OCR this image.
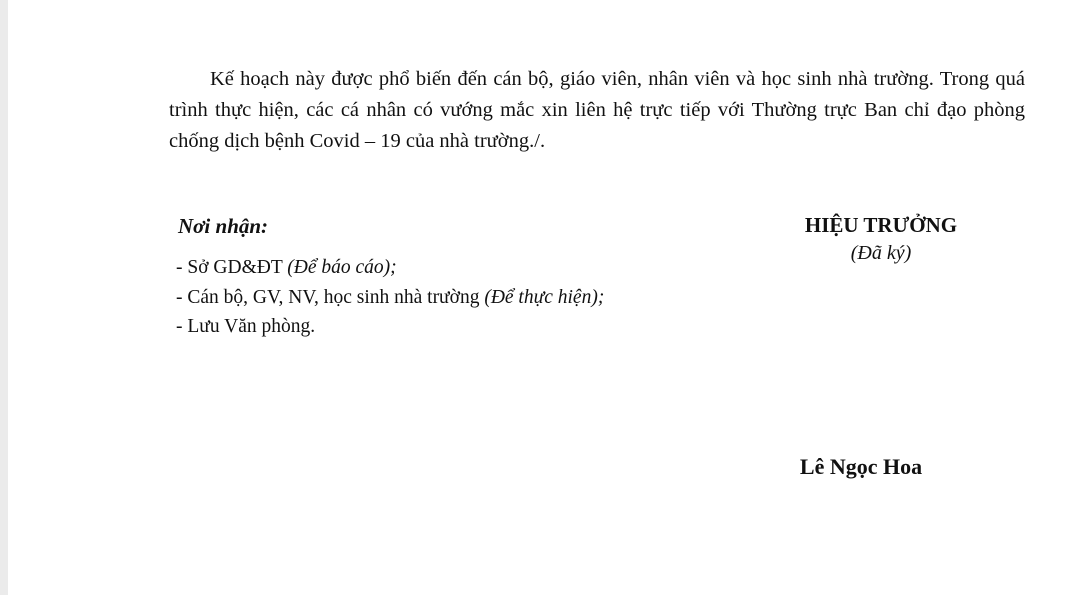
Kế hoạch này được phổ biến đến cán bộ, giáo viên, nhân viên và học sinh nhà trường. Trong quá trình thực hiện, các cá nhân có vướng mắc xin liên hệ trực tiếp với Thường trực Ban chỉ đạo phòng chống dịch bệnh Covid – 19 của nhà trường./.

Nơi nhận:

- Sở GD&ĐT (Để báo cáo);
- Cán bộ, GV, NV, học sinh nhà trường (Để thực hiện);
- Lưu Văn phòng.

HIỆU TRƯỞNG

(Đã ký)

Lê Ngọc Hoa
